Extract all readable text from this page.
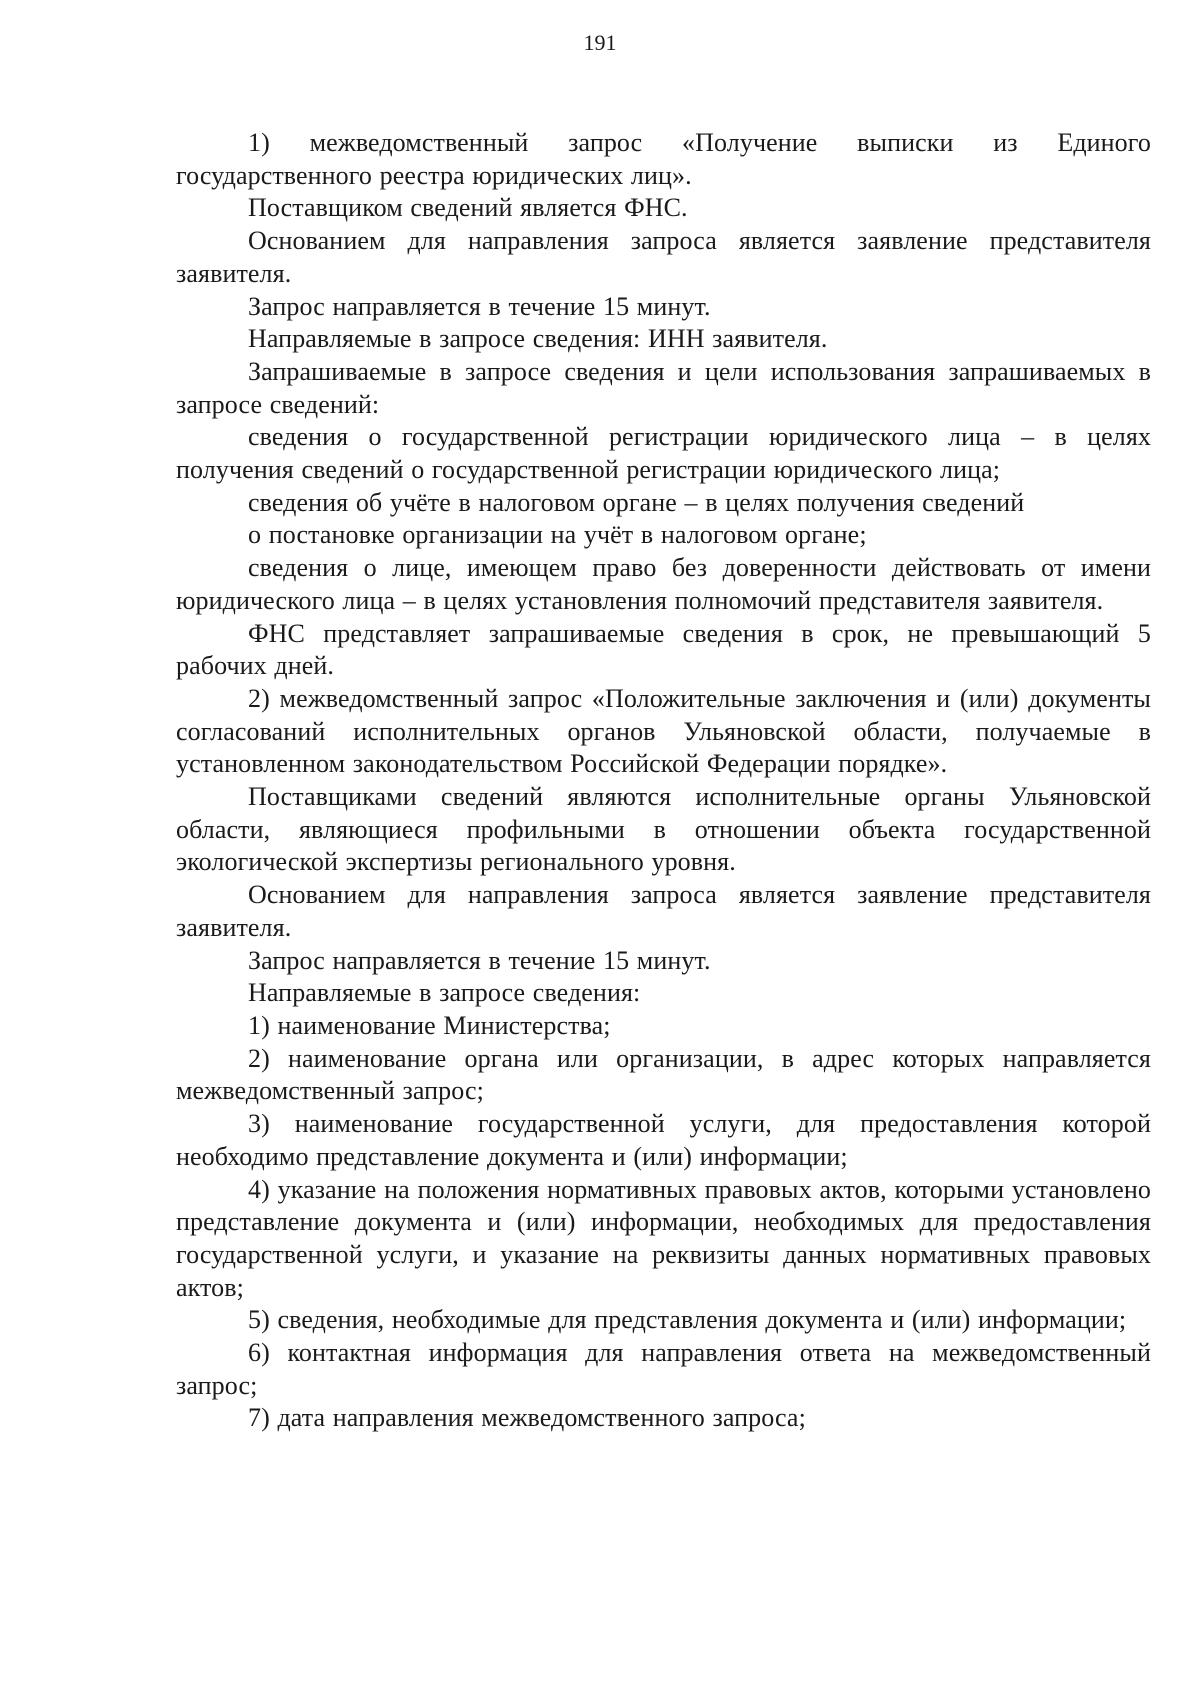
191

1) межведомственный запрос «Получение выписки из Единого государственного реестра юридических лиц».

Поставщиком сведений является ФНС.

Основанием для направления запроса является заявление представителя заявителя.

Запрос направляется в течение 15 минут.

Направляемые в запросе сведения: ИНН заявителя.

Запрашиваемые в запросе сведения и цели использования запрашиваемых в запросе сведений:

сведения о государственной регистрации юридического лица – в целях получения сведений о государственной регистрации юридического лица;

сведения об учёте в налоговом органе – в целях получения сведений

о постановке организации на учёт в налоговом органе;

сведения о лице, имеющем право без доверенности действовать от имени юридического лица – в целях установления полномочий представителя заявителя.

ФНС представляет запрашиваемые сведения в срок, не превышающий 5 рабочих дней.

2) межведомственный запрос «Положительные заключения и (или) документы согласований исполнительных органов Ульяновской области, получаемые в установленном законодательством Российской Федерации порядке».

Поставщиками сведений являются исполнительные органы Ульяновской области, являющиеся профильными в отношении объекта государственной экологической экспертизы регионального уровня.

Основанием для направления запроса является заявление представителя заявителя.

Запрос направляется в течение 15 минут.

Направляемые в запросе сведения:

1) наименование Министерства;

2) наименование органа или организации, в адрес которых направляется межведомственный запрос;

3) наименование государственной услуги, для предоставления которой необходимо представление документа и (или) информации;

4) указание на положения нормативных правовых актов, которыми установлено представление документа и (или) информации, необходимых для предоставления государственной услуги, и указание на реквизиты данных нормативных правовых актов;

5) сведения, необходимые для представления документа и (или) информации;

6) контактная информация для направления ответа на межведомственный запрос;

7) дата направления межведомственного запроса;
